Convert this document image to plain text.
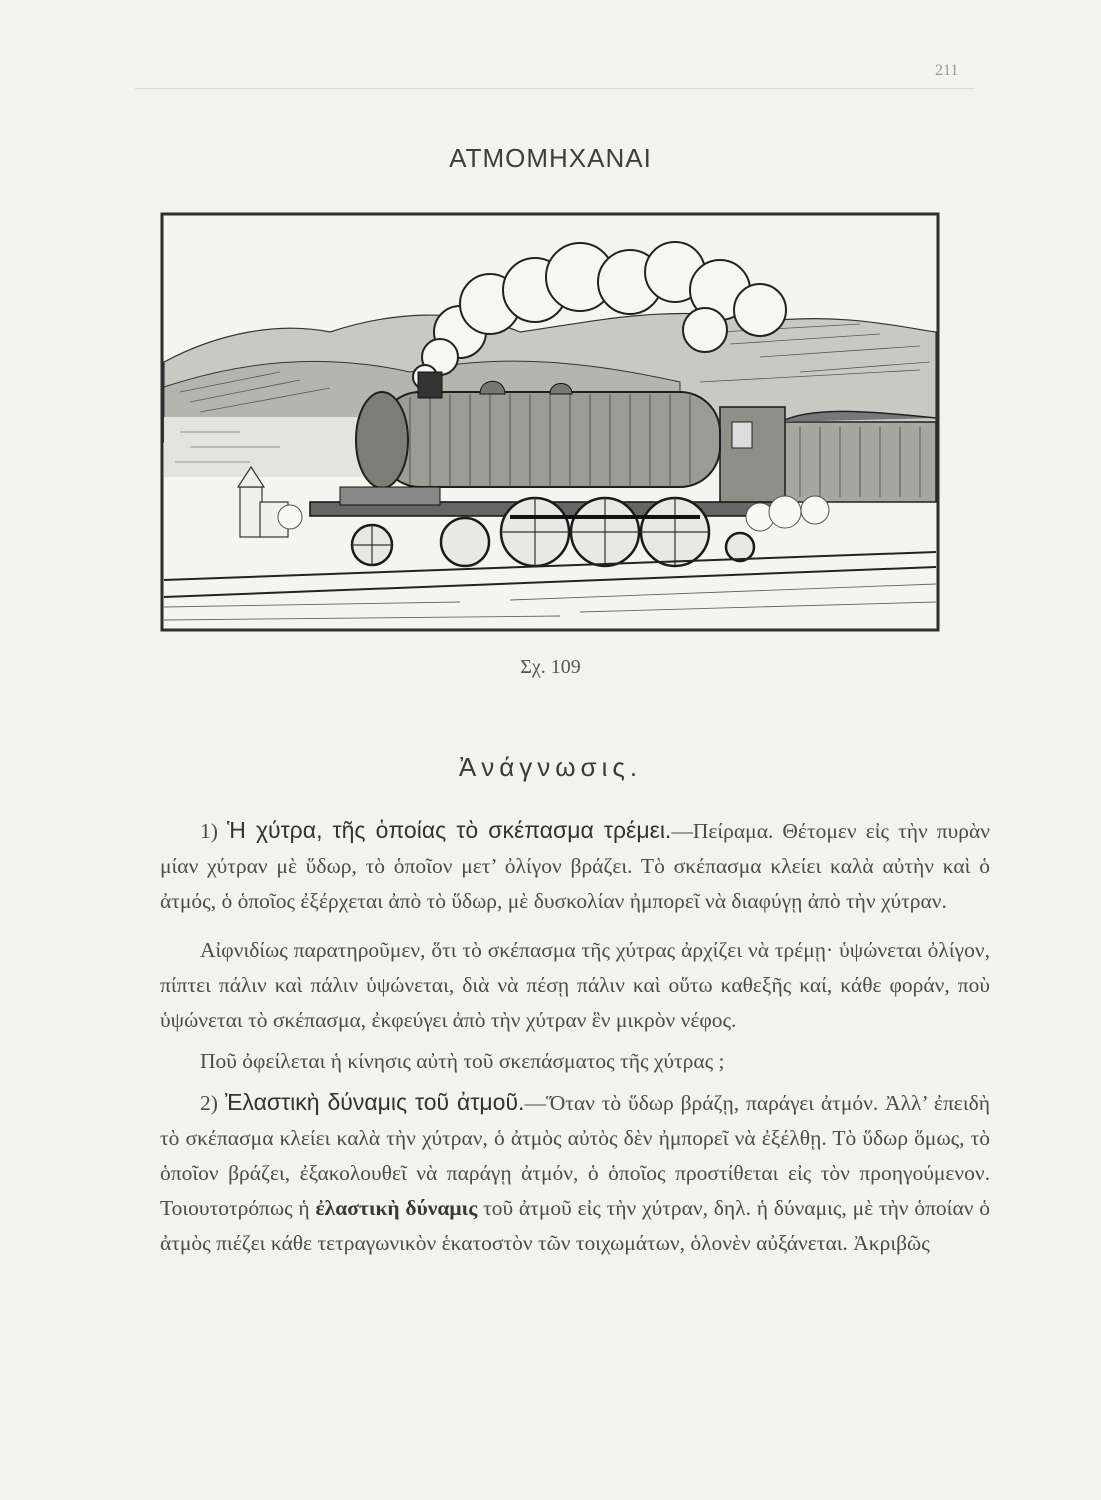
211
ΑΤΜΟΜΗΧΑΝΑΙ
Σχ. 109
Ἀνάγνωσις.

1) Ἡ χύτρα, τῆς ὁποίας τὸ σκέπασμα τρέμει.—Πείραμα. Θέτομεν εἰς τὴν πυρὰν μίαν χύτραν μὲ ὕδωρ, τὸ ὁποῖον μετ’ ὀλίγον βράζει. Τὸ σκέπασμα κλείει καλὰ αὐτὴν καὶ ὁ ἀτμός, ὁ ὁποῖος ἐξέρχεται ἀπὸ τὸ ὕδωρ, μὲ δυσκολίαν ἠμπορεῖ νὰ διαφύγῃ ἀπὸ τὴν χύτραν.

Αἰφνιδίως παρατηροῦμεν, ὅτι τὸ σκέπασμα τῆς χύτρας ἀρχίζει νὰ τρέμῃ· ὑψώνεται ὀλίγον, πίπτει πάλιν καὶ πάλιν ὑψώνεται, διὰ νὰ πέσῃ πάλιν καὶ οὕτω καθεξῆς καί, κάθε φοράν, ποὺ ὑψώνεται τὸ σκέπασμα, ἐκφεύγει ἀπὸ τὴν χύτραν ἓν μικρὸν νέφος.

Ποῦ ὀφείλεται ἡ κίνησις αὐτὴ τοῦ σκεπάσματος τῆς χύτρας ;

2) Ἐλαστικὴ δύναμις τοῦ ἀτμοῦ.—Ὅταν τὸ ὕδωρ βράζῃ, παράγει ἀτμόν. Ἀλλ’ ἐπειδὴ τὸ σκέπασμα κλείει καλὰ τὴν χύτραν, ὁ ἀτμὸς αὐτὸς δὲν ἠμπορεῖ νὰ ἐξέλθῃ. Τὸ ὕδωρ ὅμως, τὸ ὁποῖον βράζει, ἐξακολουθεῖ νὰ παράγῃ ἀτμόν, ὁ ὁποῖος προστίθεται εἰς τὸν προηγούμενον. Τοιουτοτρόπως ἡ ἐλαστικὴ δύναμις τοῦ ἀτμοῦ εἰς τὴν χύτραν, δηλ. ἡ δύναμις, μὲ τὴν ὁποίαν ὁ ἀτμὸς πιέζει κάθε τετραγωνικὸν ἑκατοστὸν τῶν τοιχωμάτων, ὁλονὲν αὐξάνεται. Ἀκριβῶς
